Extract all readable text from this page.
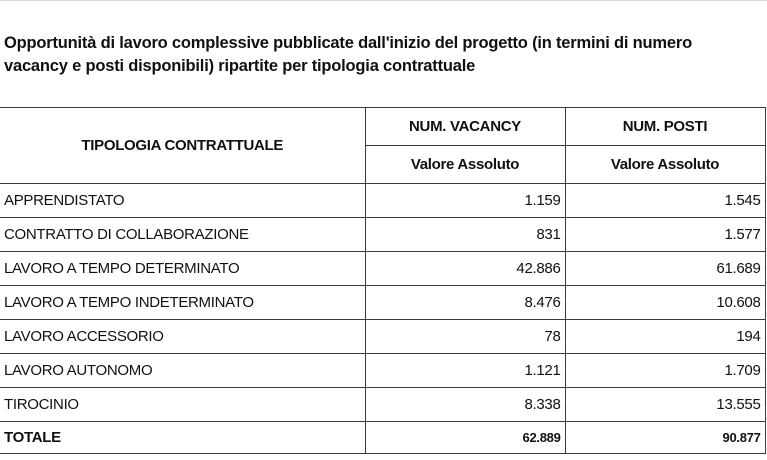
Opportunità di lavoro complessive pubblicate dall'inizio del progetto (in termini di numero vacancy e posti disponibili) ripartite per tipologia contrattuale

TIPOLOGIA CONTRATTUALE	NUM. VACANCY	NUM. POSTI
	Valore Assoluto	Valore Assoluto
APPRENDISTATO	1.159	1.545
CONTRATTO DI COLLABORAZIONE	831	1.577
LAVORO A TEMPO DETERMINATO	42.886	61.689
LAVORO A TEMPO INDETERMINATO	8.476	10.608
LAVORO ACCESSORIO	78	194
LAVORO AUTONOMO	1.121	1.709
TIROCINIO	8.338	13.555
TOTALE	62.889	90.877
